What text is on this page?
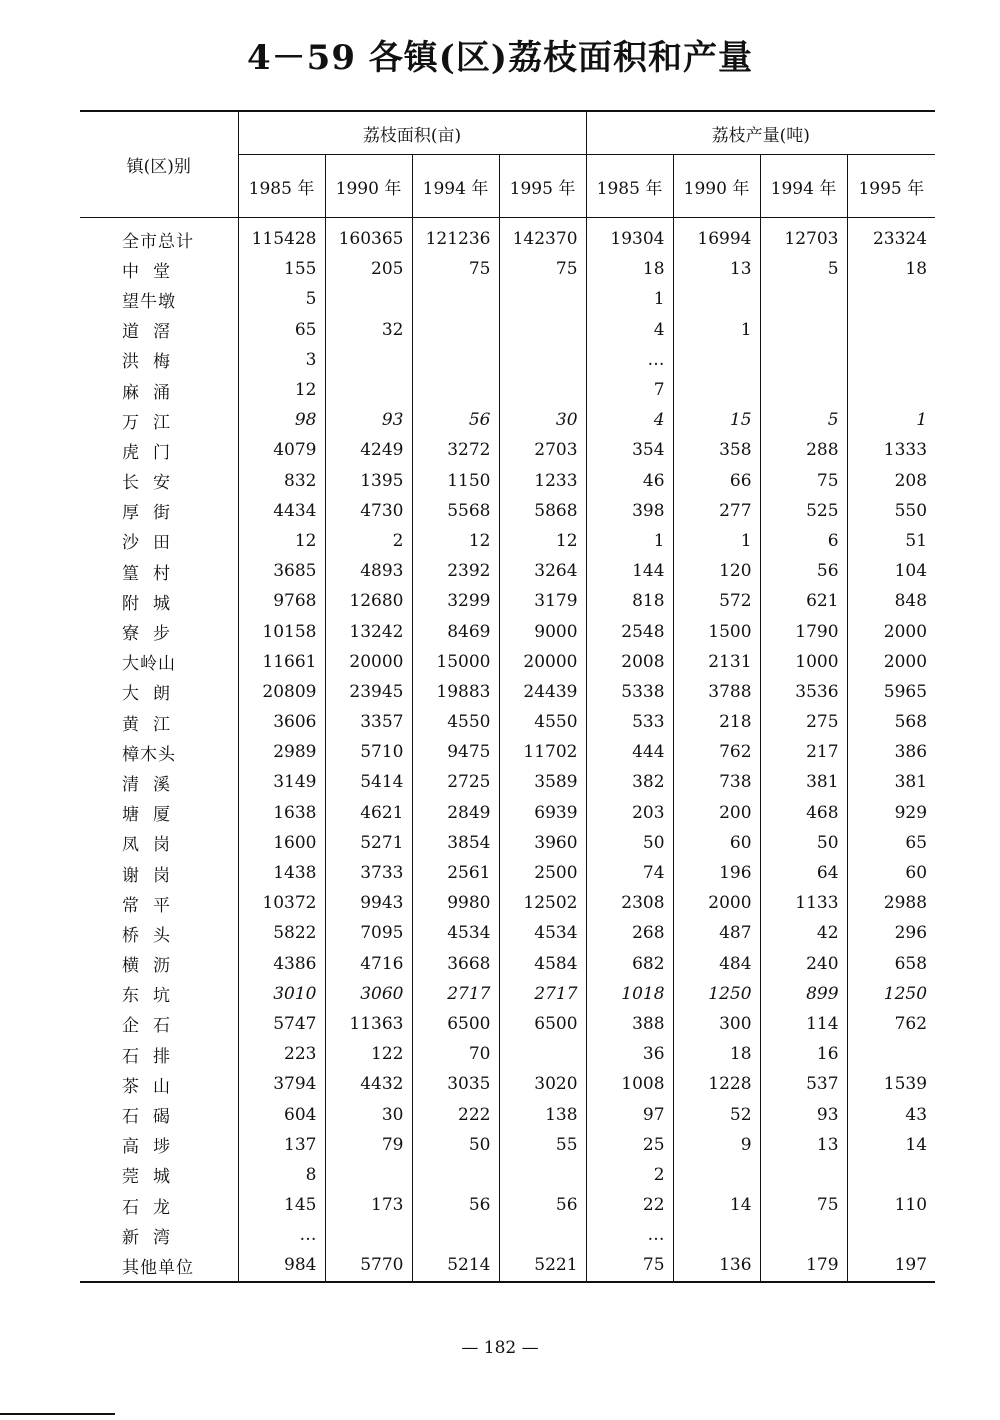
4－59 各镇(区)荔枝面积和产量
镇(区)别	荔枝面积(亩)				荔枝产量(吨)			
	1985 年	1990 年	1994 年	1995 年	1985 年	1990 年	1994 年	1995 年
全市总计	115428	160365	121236	142370	19304	16994	12703	23324
中堂	155	205	75	75	18	13	5	18
望牛墩	5				1			
道滘	65	32			4	1		
洪梅	3				…			
麻涌	12				7			
万江	98	93	56	30	4	15	5	1
虎门	4079	4249	3272	2703	354	358	288	1333
长安	832	1395	1150	1233	46	66	75	208
厚街	4434	4730	5568	5868	398	277	525	550
沙田	12	2	12	12	1	1	6	51
篁村	3685	4893	2392	3264	144	120	56	104
附城	9768	12680	3299	3179	818	572	621	848
寮步	10158	13242	8469	9000	2548	1500	1790	2000
大岭山	11661	20000	15000	20000	2008	2131	1000	2000
大朗	20809	23945	19883	24439	5338	3788	3536	5965
黄江	3606	3357	4550	4550	533	218	275	568
樟木头	2989	5710	9475	11702	444	762	217	386
清溪	3149	5414	2725	3589	382	738	381	381
塘厦	1638	4621	2849	6939	203	200	468	929
凤岗	1600	5271	3854	3960	50	60	50	65
谢岗	1438	3733	2561	2500	74	196	64	60
常平	10372	9943	9980	12502	2308	2000	1133	2988
桥头	5822	7095	4534	4534	268	487	42	296
横沥	4386	4716	3668	4584	682	484	240	658
东坑	3010	3060	2717	2717	1018	1250	899	1250
企石	5747	11363	6500	6500	388	300	114	762
石排	223	122	70		36	18	16	
茶山	3794	4432	3035	3020	1008	1228	537	1539
石碣	604	30	222	138	97	52	93	43
高埗	137	79	50	55	25	9	13	14
莞城	8				2			
石龙	145	173	56	56	22	14	75	110
新湾	…				…			
其他单位	984	5770	5214	5221	75	136	179	197
— 182 —
